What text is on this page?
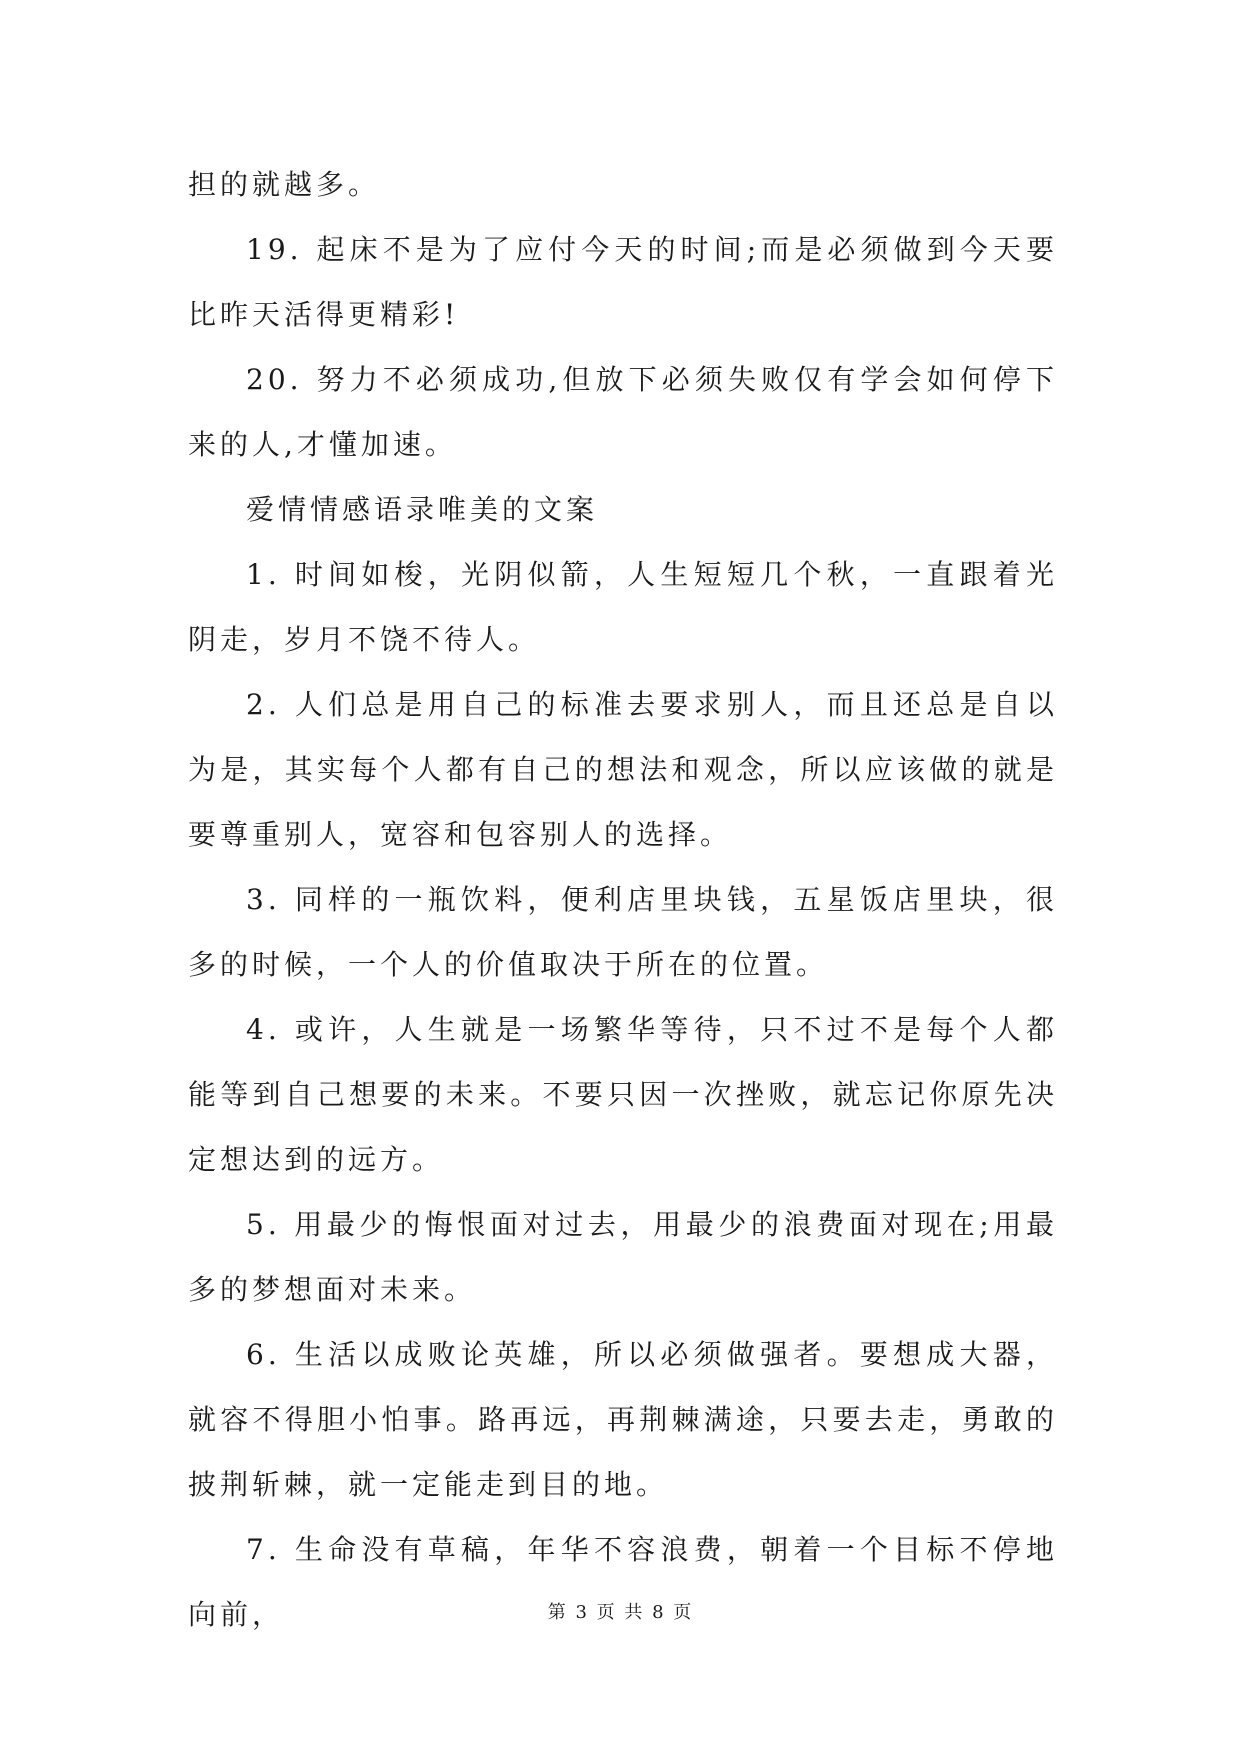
担的就越多。

19. 起床不是为了应付今天的时间;而是必须做到今天要比昨天活得更精彩!

20. 努力不必须成功,但放下必须失败仅有学会如何停下来的人,才懂加速。

爱情情感语录唯美的文案

1. 时间如梭，光阴似箭，人生短短几个秋，一直跟着光阴走，岁月不饶不待人。

2. 人们总是用自己的标准去要求别人，而且还总是自以为是，其实每个人都有自己的想法和观念，所以应该做的就是要尊重别人，宽容和包容别人的选择。

3. 同样的一瓶饮料，便利店里块钱，五星饭店里块，很多的时候，一个人的价值取决于所在的位置。

4. 或许，人生就是一场繁华等待，只不过不是每个人都能等到自己想要的未来。不要只因一次挫败，就忘记你原先决定想达到的远方。

5. 用最少的悔恨面对过去，用最少的浪费面对现在;用最多的梦想面对未来。

6. 生活以成败论英雄，所以必须做强者。要想成大器，就容不得胆小怕事。路再远，再荆棘满途，只要去走，勇敢的披荆斩棘，就一定能走到目的地。

7. 生命没有草稿，年华不容浪费，朝着一个目标不停地向前，	第 3 页 共 8 页
